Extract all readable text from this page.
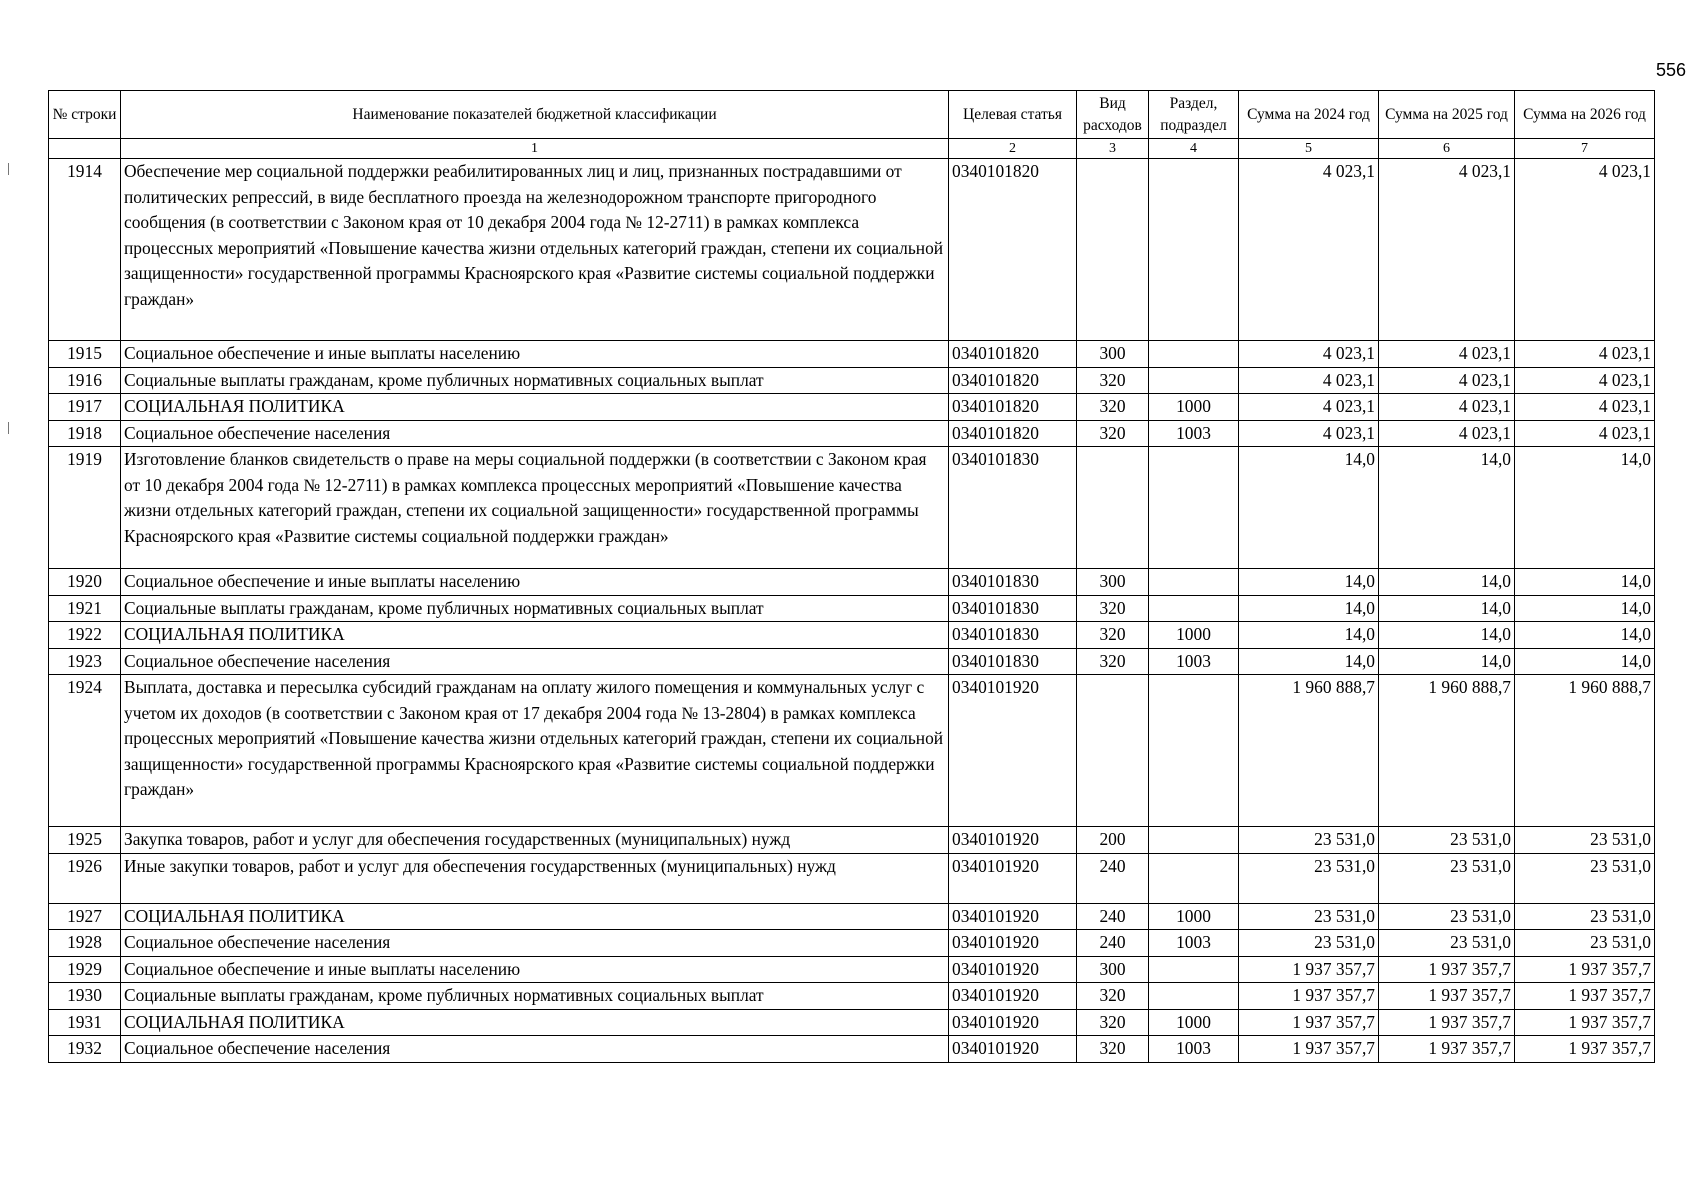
556
№ строки	Наименование показателей бюджетной классификации	Целевая статья	Вид расходов	Раздел, подраздел	Сумма на 2024 год	Сумма на 2025 год	Сумма на 2026 год
	1	2	3	4	5	6	7
1914	Обеспечение мер социальной поддержки реабилитированных лиц и лиц, признанных пострадавшими от политических репрессий, в виде бесплатного проезда на железнодорожном транспорте пригородного сообщения (в соответствии с Законом края от 10 декабря 2004 года № 12-2711) в рамках комплекса процессных мероприятий «Повышение качества жизни отдельных категорий граждан, степени их социальной защищенности» государственной программы Красноярского края «Развитие системы социальной поддержки граждан»	0340101820			4 023,1	4 023,1	4 023,1
1915	Социальное обеспечение и иные выплаты населению	0340101820	300		4 023,1	4 023,1	4 023,1
1916	Социальные выплаты гражданам, кроме публичных нормативных социальных выплат	0340101820	320		4 023,1	4 023,1	4 023,1
1917	СОЦИАЛЬНАЯ ПОЛИТИКА	0340101820	320	1000	4 023,1	4 023,1	4 023,1
1918	Социальное обеспечение населения	0340101820	320	1003	4 023,1	4 023,1	4 023,1
1919	Изготовление бланков свидетельств о праве на меры социальной поддержки (в соответствии с Законом края от 10 декабря 2004 года № 12-2711) в рамках комплекса процессных мероприятий «Повышение качества жизни отдельных категорий граждан, степени их социальной защищенности» государственной программы Красноярского края «Развитие системы социальной поддержки граждан»	0340101830			14,0	14,0	14,0
1920	Социальное обеспечение и иные выплаты населению	0340101830	300		14,0	14,0	14,0
1921	Социальные выплаты гражданам, кроме публичных нормативных социальных выплат	0340101830	320		14,0	14,0	14,0
1922	СОЦИАЛЬНАЯ ПОЛИТИКА	0340101830	320	1000	14,0	14,0	14,0
1923	Социальное обеспечение населения	0340101830	320	1003	14,0	14,0	14,0
1924	Выплата, доставка и пересылка субсидий гражданам на оплату жилого помещения и коммунальных услуг с учетом их доходов (в соответствии с Законом края от 17 декабря 2004 года № 13-2804) в рамках комплекса процессных мероприятий «Повышение качества жизни отдельных категорий граждан, степени их социальной защищенности» государственной программы Красноярского края «Развитие системы социальной поддержки граждан»	0340101920			1 960 888,7	1 960 888,7	1 960 888,7
1925	Закупка товаров, работ и услуг для обеспечения государственных (муниципальных) нужд	0340101920	200		23 531,0	23 531,0	23 531,0
1926	Иные закупки товаров, работ и услуг для обеспечения государственных (муниципальных) нужд	0340101920	240		23 531,0	23 531,0	23 531,0
1927	СОЦИАЛЬНАЯ ПОЛИТИКА	0340101920	240	1000	23 531,0	23 531,0	23 531,0
1928	Социальное обеспечение населения	0340101920	240	1003	23 531,0	23 531,0	23 531,0
1929	Социальное обеспечение и иные выплаты населению	0340101920	300		1 937 357,7	1 937 357,7	1 937 357,7
1930	Социальные выплаты гражданам, кроме публичных нормативных социальных выплат	0340101920	320		1 937 357,7	1 937 357,7	1 937 357,7
1931	СОЦИАЛЬНАЯ ПОЛИТИКА	0340101920	320	1000	1 937 357,7	1 937 357,7	1 937 357,7
1932	Социальное обеспечение населения	0340101920	320	1003	1 937 357,7	1 937 357,7	1 937 357,7
